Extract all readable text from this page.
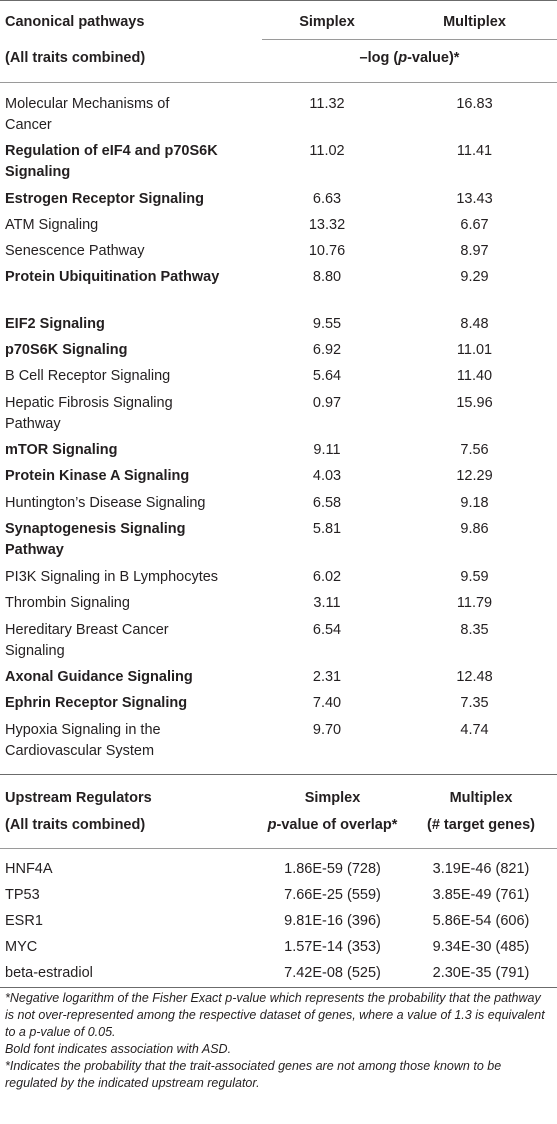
Canonical pathways	Simplex	Multiplex
(All traits combined)	–log (p-value)*
Molecular Mechanisms of Cancer
11.32	16.83
Regulation of eIF4 and p70S6K Signaling
11.02	11.41
Estrogen Receptor Signaling	6.63	13.43
ATM Signaling	13.32	6.67
Senescence Pathway	10.76	8.97
Protein Ubiquitination Pathway	8.80	9.29
EIF2 Signaling	9.55	8.48
p70S6K Signaling	6.92	11.01
B Cell Receptor Signaling	5.64	11.40
Hepatic Fibrosis Signaling Pathway
0.97	15.96
mTOR Signaling	9.11	7.56
Protein Kinase A Signaling	4.03	12.29
Huntington’s Disease Signaling	6.58	9.18
Synaptogenesis Signaling Pathway
5.81	9.86
PI3K Signaling in B Lymphocytes	6.02	9.59
Thrombin Signaling	3.11	11.79
Hereditary Breast Cancer Signaling
6.54	8.35
Axonal Guidance Signaling	2.31	12.48
Ephrin Receptor Signaling	7.40	7.35
Hypoxia Signaling in the Cardiovascular System
9.70	4.74
Upstream Regulators	Simplex	Multiplex
(All traits combined)	p-value of overlap*	(# target genes)
HNF4A	1.86E-59 (728)	3.19E-46 (821)
TP53	7.66E-25 (559)	3.85E-49 (761)
ESR1	9.81E-16 (396)	5.86E-54 (606)
MYC	1.57E-14 (353)	9.34E-30 (485)
beta-estradiol	7.42E-08 (525)	2.30E-35 (791)
*Negative logarithm of the Fisher Exact p-value which represents the probability that the pathway is not over-represented among the respective dataset of genes, where a value of 1.3 is equivalent to a p-value of 0.05.
Bold font indicates association with ASD.
*Indicates the probability that the trait-associated genes are not among those known to be regulated by the indicated upstream regulator.
